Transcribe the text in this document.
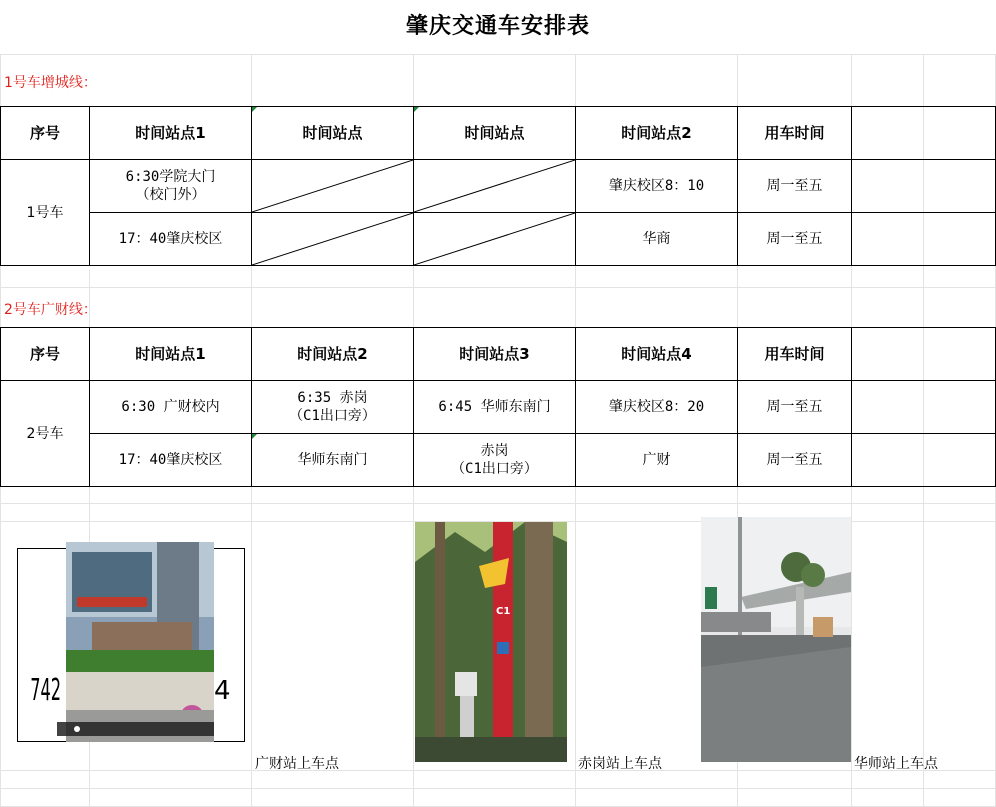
肇庆交通车安排表
1号车增城线：
序号	时间站点1	时间站点	时间站点	时间站点2	用车时间	
1号车	6:30学院大门
（校门外）			肇庆校区8：10	周一至五	
	17：40肇庆校区			华商	周一至五	
2号车广财线：
序号	时间站点1	时间站点2	时间站点3	时间站点4	用车时间	
2号车	6:30 广财校内	6:35 赤岗
（C1出口旁）	6:45 华师东南门	肇庆校区8：20	周一至五	
	17：40肇庆校区	华师东南门	赤岗
（C1出口旁）	广财	周一至五	
742	4
广财站上车点
C1
赤岗站上车点	华师站上车点
